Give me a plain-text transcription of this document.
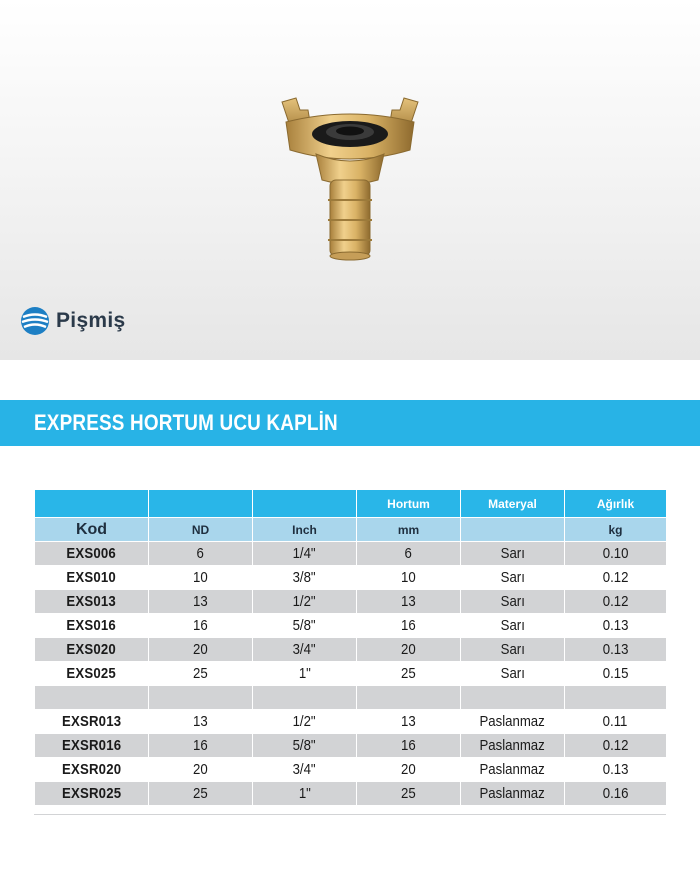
Pişmiş
EXPRESS HORTUM UCU KAPLİN
			Hortum	Materyal	Ağırlık
Kod	ND	Inch	mm		kg
EXS006	6	1/4"	6	Sarı	0.10
EXS010	10	3/8"	10	Sarı	0.12
EXS013	13	1/2"	13	Sarı	0.12
EXS016	16	5/8"	16	Sarı	0.13
EXS020	20	3/4"	20	Sarı	0.13
EXS025	25	1"	25	Sarı	0.15

EXSR013	13	1/2"	13	Paslanmaz	0.11
EXSR016	16	5/8"	16	Paslanmaz	0.12
EXSR020	20	3/4"	20	Paslanmaz	0.13
EXSR025	25	1"	25	Paslanmaz	0.16
